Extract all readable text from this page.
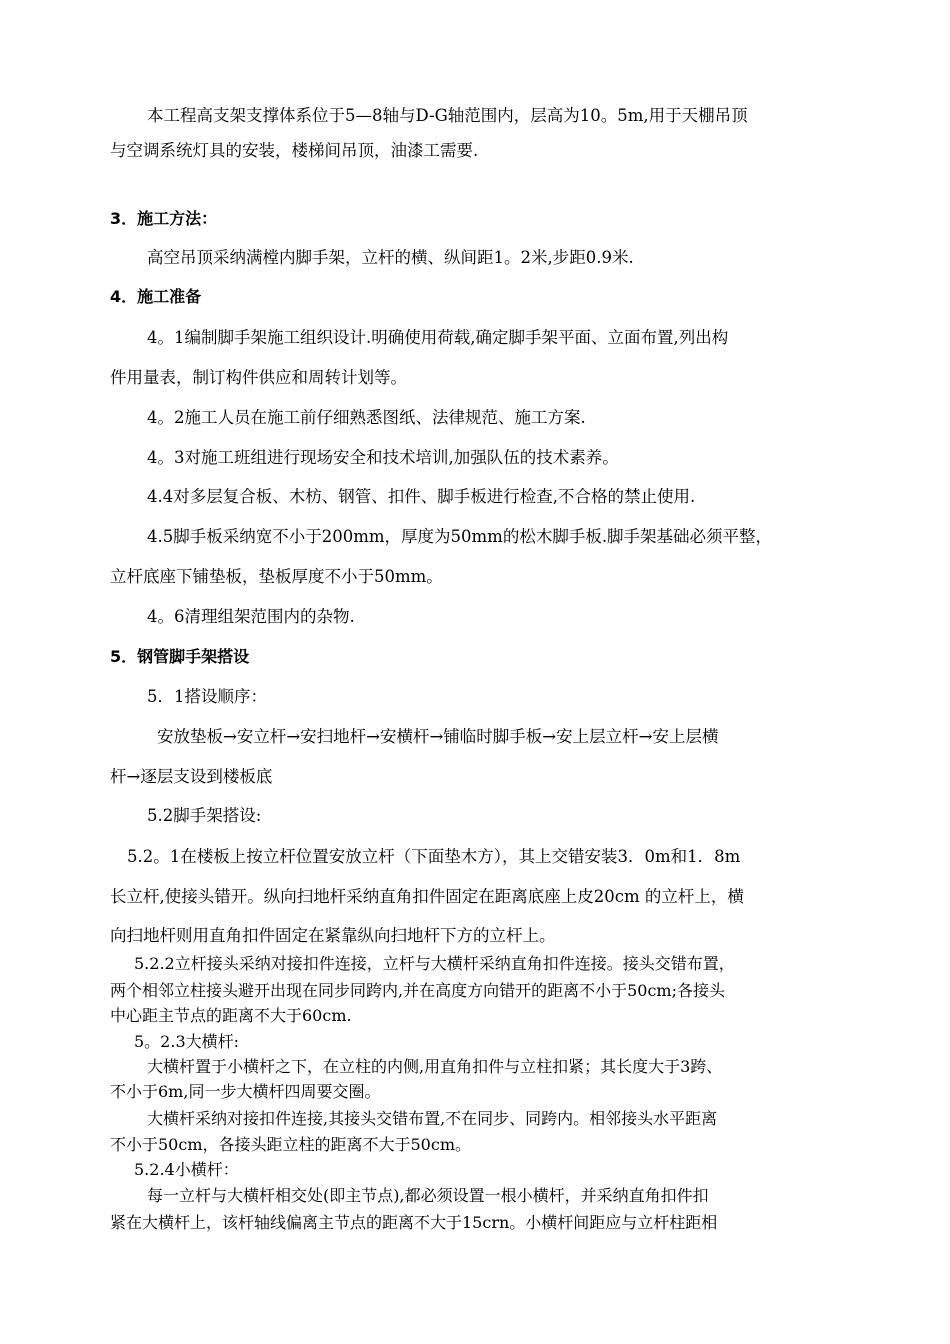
本工程高支架支撑体系位于5—8轴与D-G轴范围内，层高为10。5m,用于天棚吊顶
与空调系统灯具的安装，楼梯间吊顶，油漆工需要.
3．施工方法：
高空吊顶采纳满樘内脚手架，立杆的横、纵间距1。2米,步距0.9米.
4．施工准备
4。1编制脚手架施工组织设计.明确使用荷载,确定脚手架平面、立面布置,列出构
件用量表，制订构件供应和周转计划等。
4。2施工人员在施工前仔细熟悉图纸、法律规范、施工方案.
4。3对施工班组进行现场安全和技术培训,加强队伍的技术素养。
4.4对多层复合板、木枋、钢管、扣件、脚手板进行检查,不合格的禁止使用.
4.5脚手板采纳宽不小于200mm，厚度为50mm的松木脚手板.脚手架基础必须平整，
立杆底座下铺垫板，垫板厚度不小于50mm。
4。6清理组架范围内的杂物.
5．钢管脚手架搭设
5．1搭设顺序：
安放垫板→安立杆→安扫地杆→安横杆→铺临时脚手板→安上层立杆→安上层横
杆→逐层支设到楼板底
5.2脚手架搭设:
5.2。1在楼板上按立杆位置安放立杆（下面垫木方），其上交错安装3．0m和1．8m
长立杆,使接头错开。纵向扫地杆采纳直角扣件固定在距离底座上皮20cm 的立杆上，横
向扫地杆则用直角扣件固定在紧靠纵向扫地杆下方的立杆上。
5.2.2立杆接头采纳对接扣件连接，立杆与大横杆采纳直角扣件连接。接头交错布置，
两个相邻立柱接头避开出现在同步同跨内,并在高度方向错开的距离不小于50cm;各接头
中心距主节点的距离不大于60cm.
5。2.3大横杆:
大横杆置于小横杆之下，在立柱的内侧,用直角扣件与立柱扣紧；其长度大于3跨、
不小于6m,同一步大横杆四周要交圈。
大横杆采纳对接扣件连接,其接头交错布置,不在同步、同跨内。相邻接头水平距离
不小于50cm，各接头距立柱的距离不大于50cm。
5.2.4小横杆：
每一立杆与大横杆相交处(即主节点),都必须设置一根小横杆，并采纳直角扣件扣
紧在大横杆上，该杆轴线偏离主节点的距离不大于15crn。小横杆间距应与立杆柱距相
